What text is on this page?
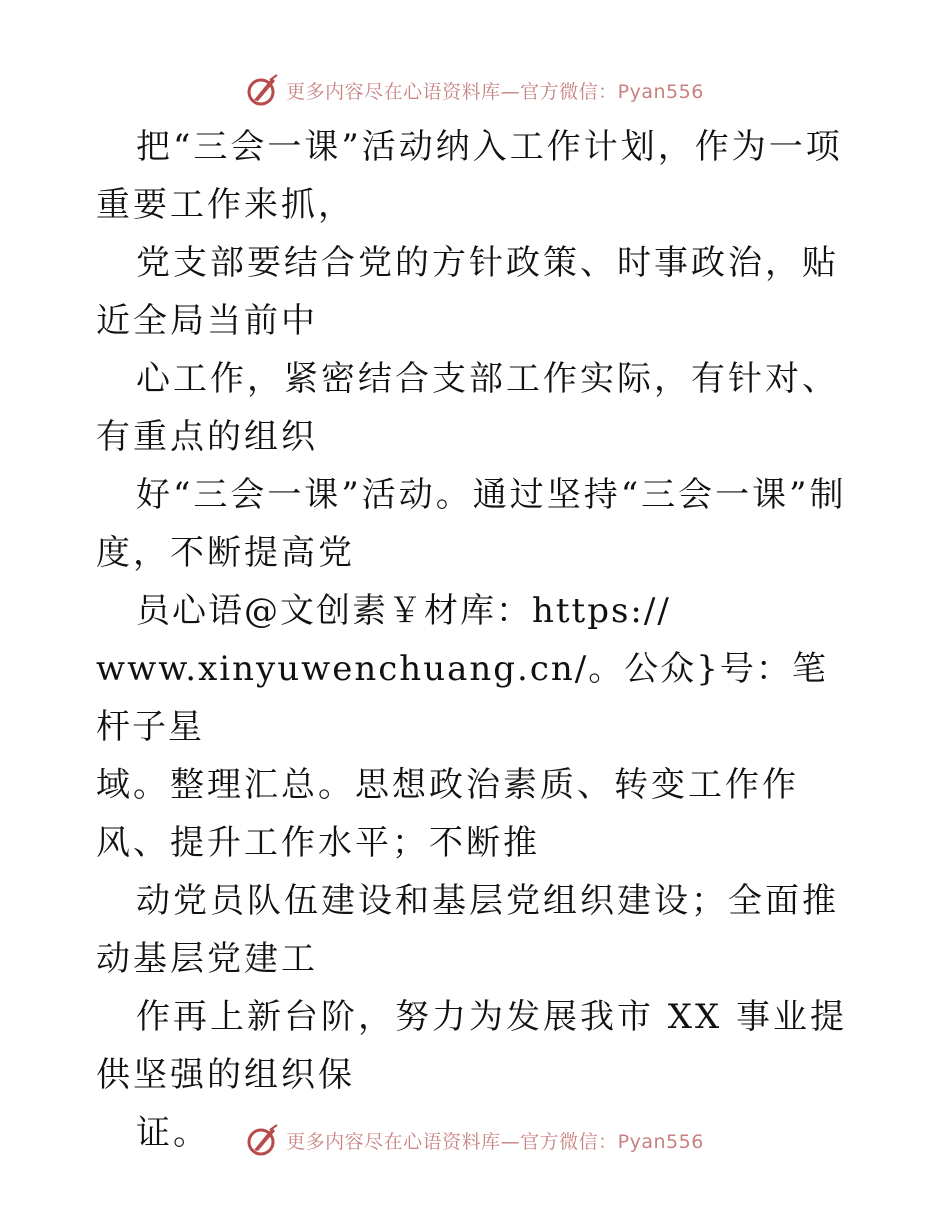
更多内容尽在心语资料库—官方微信：Pyan556

把“三会一课”活动纳入工作计划，作为一项重要工作来抓，

党支部要结合党的方针政策、时事政治，贴近全局当前中

心工作，紧密结合支部工作实际，有针对、有重点的组织

好“三会一课”活动。通过坚持“三会一课”制度，不断提高党

员心语@文创素￥材库：https://

www.xinyuwenchuang.cn/。公众}号：笔杆子星

域。整理汇总。思想政治素质、转变工作作风、提升工作水平；不断推

动党员队伍建设和基层党组织建设；全面推动基层党建工

作再上新台阶，努力为发展我市 XX 事业提供坚强的组织保

证。	更多内容尽在心语资料库—官方微信：Pyan556
